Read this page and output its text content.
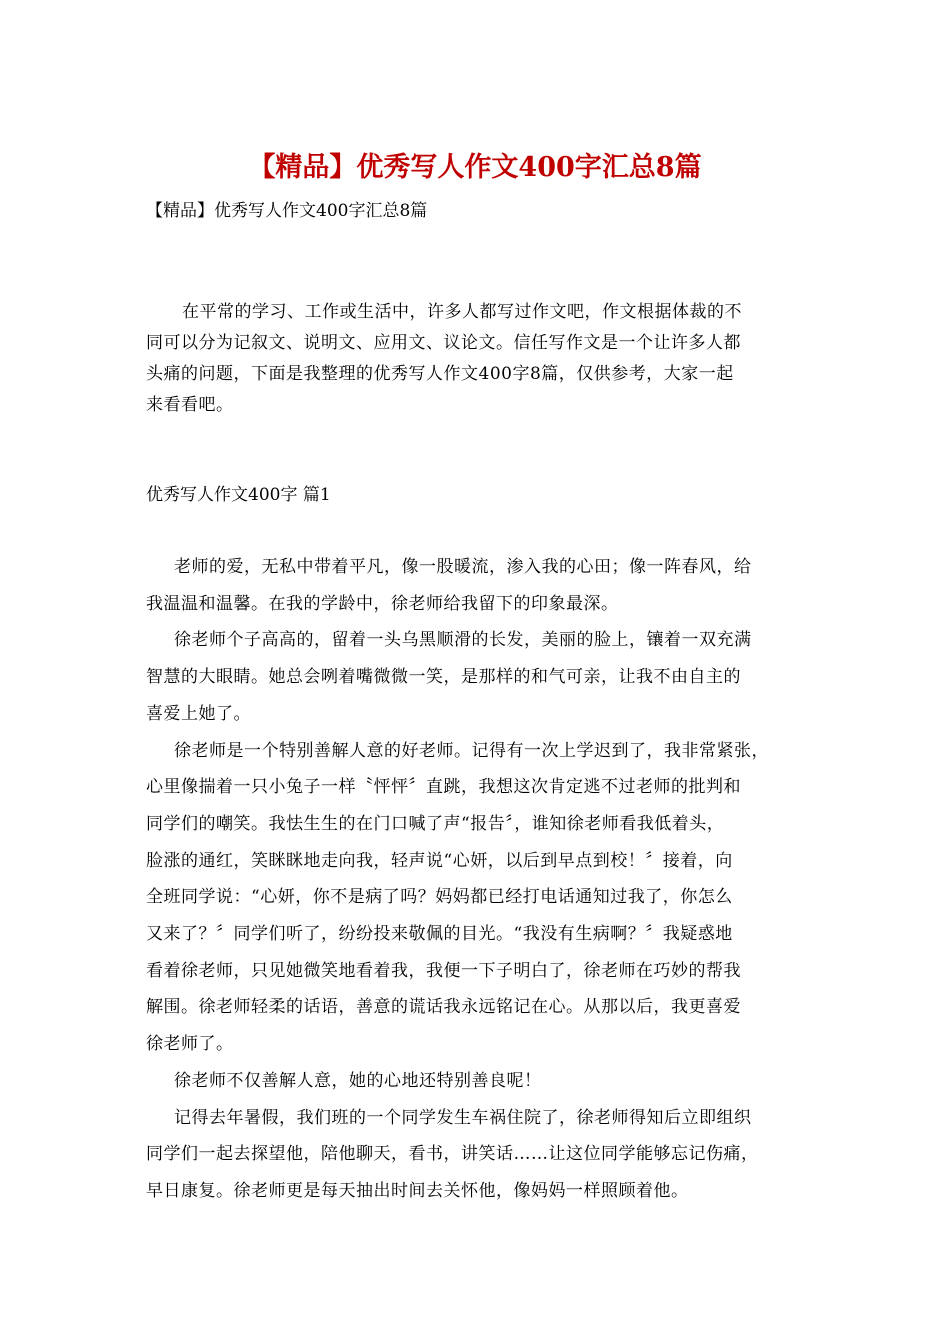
【精品】优秀写人作文400字汇总8篇
【精品】优秀写人作文400字汇总8篇

在平常的学习、工作或生活中，许多人都写过作文吧，作文根据体裁的不
同可以分为记叙文、说明文、应用文、议论文。信任写作文是一个让许多人都
头痛的问题，下面是我整理的优秀写人作文400字8篇，仅供参考，大家一起
来看看吧。

优秀写人作文400字 篇1

老师的爱，无私中带着平凡，像一股暖流，渗入我的心田；像一阵春风，给
我温温和温馨。在我的学龄中，徐老师给我留下的印象最深。

徐老师个子高高的，留着一头乌黑顺滑的长发，美丽的脸上，镶着一双充满
智慧的大眼睛。她总会咧着嘴微微一笑，是那样的和气可亲，让我不由自主的
喜爱上她了。

徐老师是一个特别善解人意的好老师。记得有一次上学迟到了，我非常紧张，
心里像揣着一只小兔子一样〝怦怦〞直跳，我想这次肯定逃不过老师的批判和
同学们的嘲笑。我怯生生的在门口喊了声“报告〞，谁知徐老师看我低着头，
脸涨的通红，笑眯眯地走向我，轻声说“心妍，以后到早点到校！〞接着，向
全班同学说：“心妍，你不是病了吗？妈妈都已经打电话通知过我了，你怎么
又来了？〞同学们听了，纷纷投来敬佩的目光。“我没有生病啊？〞我疑惑地
看着徐老师，只见她微笑地看着我，我便一下子明白了，徐老师在巧妙的帮我
解围。徐老师轻柔的话语，善意的谎话我永远铭记在心。从那以后，我更喜爱
徐老师了。

徐老师不仅善解人意，她的心地还特别善良呢！

记得去年暑假，我们班的一个同学发生车祸住院了，徐老师得知后立即组织
同学们一起去探望他，陪他聊天，看书，讲笑话……让这位同学能够忘记伤痛，
早日康复。徐老师更是每天抽出时间去关怀他，像妈妈一样照顾着他。
